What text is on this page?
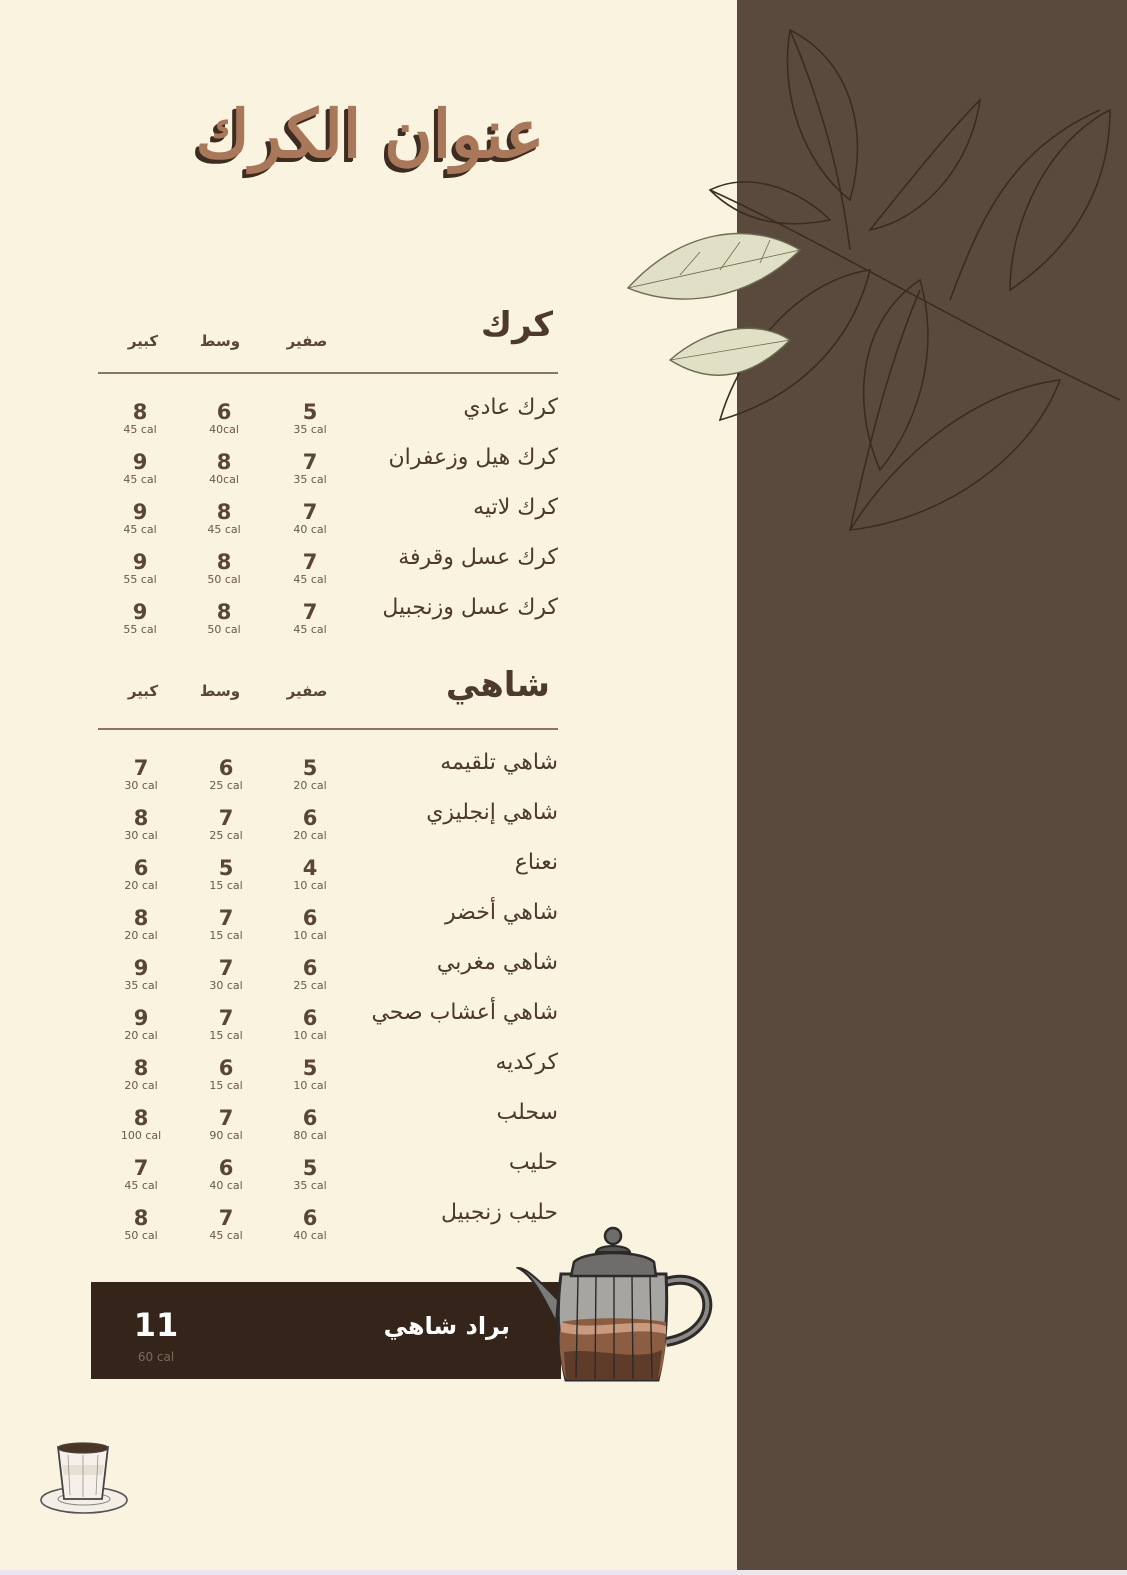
عنوان الكرك
كرك
صفير
وسط
كبير
كرك عادي
5
35 cal
6
40cal
8
45 cal
كرك هيل وزعفران
7
35 cal
8
40cal
9
45 cal
كرك لاتيه
7
40 cal
8
45 cal
9
45 cal
كرك عسل وقرفة
7
45 cal
8
50 cal
9
55 cal
كرك عسل وزنجبيل
7
45 cal
8
50 cal
9
55 cal
شاهي
صفير
وسط
كبير
شاهي تلقيمه
5
20 cal
6
25 cal
7
30 cal
شاهي إنجليزي
6
20 cal
7
25 cal
8
30 cal
نعناع
4
10 cal
5
15 cal
6
20 cal
شاهي أخضر
6
10 cal
7
15 cal
8
20 cal
شاهي مغربي
6
25 cal
7
30 cal
9
35 cal
شاهي أعشاب صحي
6
10 cal
7
15 cal
9
20 cal
كركديه
5
10 cal
6
15 cal
8
20 cal
سحلب
6
80 cal
7
90 cal
8
100 cal
حليب
5
35 cal
6
40 cal
7
45 cal
حليب زنجبيل
6
40 cal
7
45 cal
8
50 cal
براد شاهي
11
60 cal
